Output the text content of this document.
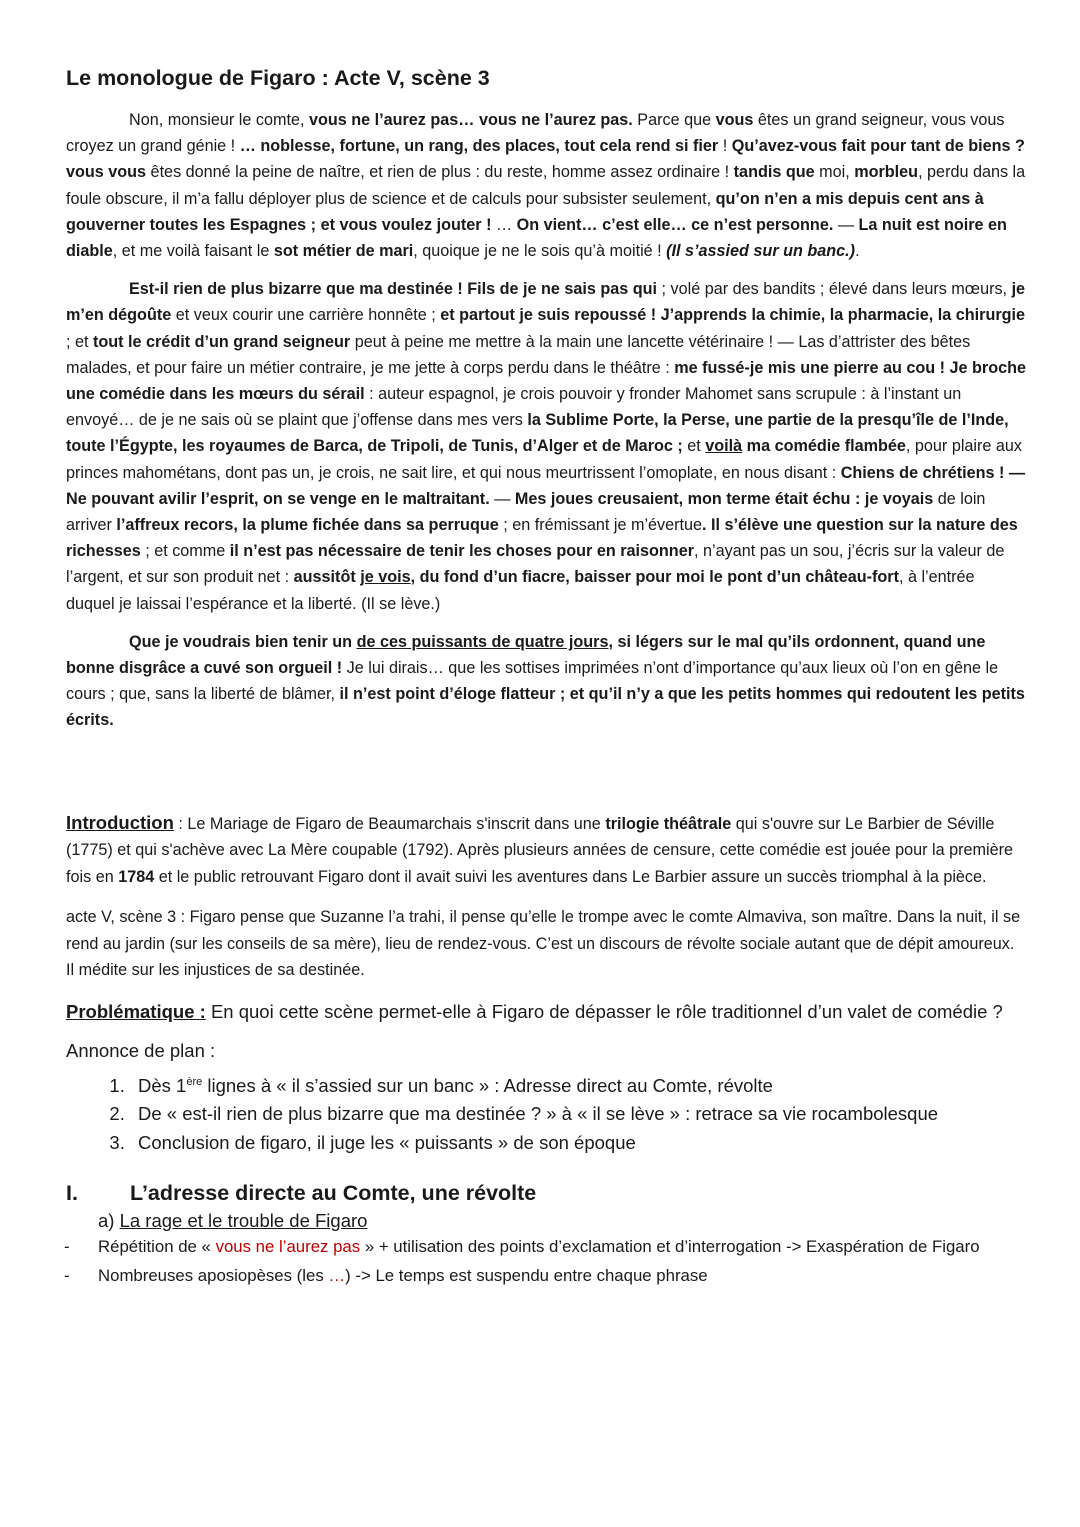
Le monologue de Figaro : Acte V, scène 3

Non, monsieur le comte, vous ne l’aurez pas… vous ne l’aurez pas. Parce que vous êtes un grand seigneur, vous vous croyez un grand génie ! … noblesse, fortune, un rang, des places, tout cela rend si fier ! Qu’avez-vous fait pour tant de biens ? vous vous êtes donné la peine de naître, et rien de plus : du reste, homme assez ordinaire ! tandis que moi, morbleu, perdu dans la foule obscure, il m’a fallu déployer plus de science et de calculs pour subsister seulement, qu’on n’en a mis depuis cent ans à gouverner toutes les Espagnes ; et vous voulez jouter ! … On vient… c’est elle… ce n’est personne. — La nuit est noire en diable, et me voilà faisant le sot métier de mari, quoique je ne le sois qu’à moitié ! (Il s’assied sur un banc.).

Est-il rien de plus bizarre que ma destinée ! Fils de je ne sais pas qui ; volé par des bandits ; élevé dans leurs mœurs, je m’en dégoûte et veux courir une carrière honnête ; et partout je suis repoussé ! J’apprends la chimie, la pharmacie, la chirurgie ; et tout le crédit d’un grand seigneur peut à peine me mettre à la main une lancette vétérinaire ! — Las d’attrister des bêtes malades, et pour faire un métier contraire, je me jette à corps perdu dans le théâtre : me fussé-je mis une pierre au cou ! Je broche une comédie dans les mœurs du sérail : auteur espagnol, je crois pouvoir y fronder Mahomet sans scrupule : à l’instant un envoyé… de je ne sais où se plaint que j’offense dans mes vers la Sublime Porte, la Perse, une partie de la presqu’île de l’Inde, toute l’Égypte, les royaumes de Barca, de Tripoli, de Tunis, d’Alger et de Maroc ; et voilà ma comédie flambée, pour plaire aux princes mahométans, dont pas un, je crois, ne sait lire, et qui nous meurtrissent l’omoplate, en nous disant : Chiens de chrétiens ! — Ne pouvant avilir l’esprit, on se venge en le maltraitant. — Mes joues creusaient, mon terme était échu : je voyais de loin arriver l’affreux recors, la plume fichée dans sa perruque ; en frémissant je m’évertue. Il s’élève une question sur la nature des richesses ; et comme il n’est pas nécessaire de tenir les choses pour en raisonner, n’ayant pas un sou, j’écris sur la valeur de l’argent, et sur son produit net : aussitôt je vois, du fond d’un fiacre, baisser pour moi le pont d’un château-fort, à l’entrée duquel je laissai l’espérance et la liberté. (Il se lève.)

Que je voudrais bien tenir un de ces puissants de quatre jours, si légers sur le mal qu’ils ordonnent, quand une bonne disgrâce a cuvé son orgueil ! Je lui dirais… que les sottises imprimées n’ont d’importance qu’aux lieux où l’on en gêne le cours ; que, sans la liberté de blâmer, il n’est point d’éloge flatteur ; et qu’il n’y a que les petits hommes qui redoutent les petits écrits.

Introduction : Le Mariage de Figaro de Beaumarchais s'inscrit dans une trilogie théâtrale qui s'ouvre sur Le Barbier de Séville (1775) et qui s'achève avec La Mère coupable (1792). Après plusieurs années de censure, cette comédie est jouée pour la première fois en 1784 et le public retrouvant Figaro dont il avait suivi les aventures dans Le Barbier assure un succès triomphal à la pièce.

acte V, scène 3 : Figaro pense que Suzanne l’a trahi, il pense qu’elle le trompe avec le comte Almaviva, son maître. Dans la nuit, il se rend au jardin (sur les conseils de sa mère), lieu de rendez-vous. C’est un discours de révolte sociale autant que de dépit amoureux. Il médite sur les injustices de sa destinée.

Problématique : En quoi cette scène permet-elle à Figaro de dépasser le rôle traditionnel d’un valet de comédie ?

Annonce de plan :

1. Dès 1ère lignes à « il s’assied sur un banc » : Adresse direct au Comte, révolte
2. De « est-il rien de plus bizarre que ma destinée ? » à « il se lève » : retrace sa vie rocambolesque
3. Conclusion de figaro, il juge les « puissants » de son époque
I.	L’adresse directe au Comte, une révolte
a) La rage et le trouble de Figaro
- Répétition de « vous ne l’aurez pas » + utilisation des points d’exclamation et d’interrogation -> Exaspération de Figaro
- Nombreuses aposiopèses (les …) -> Le temps est suspendu entre chaque phrase
